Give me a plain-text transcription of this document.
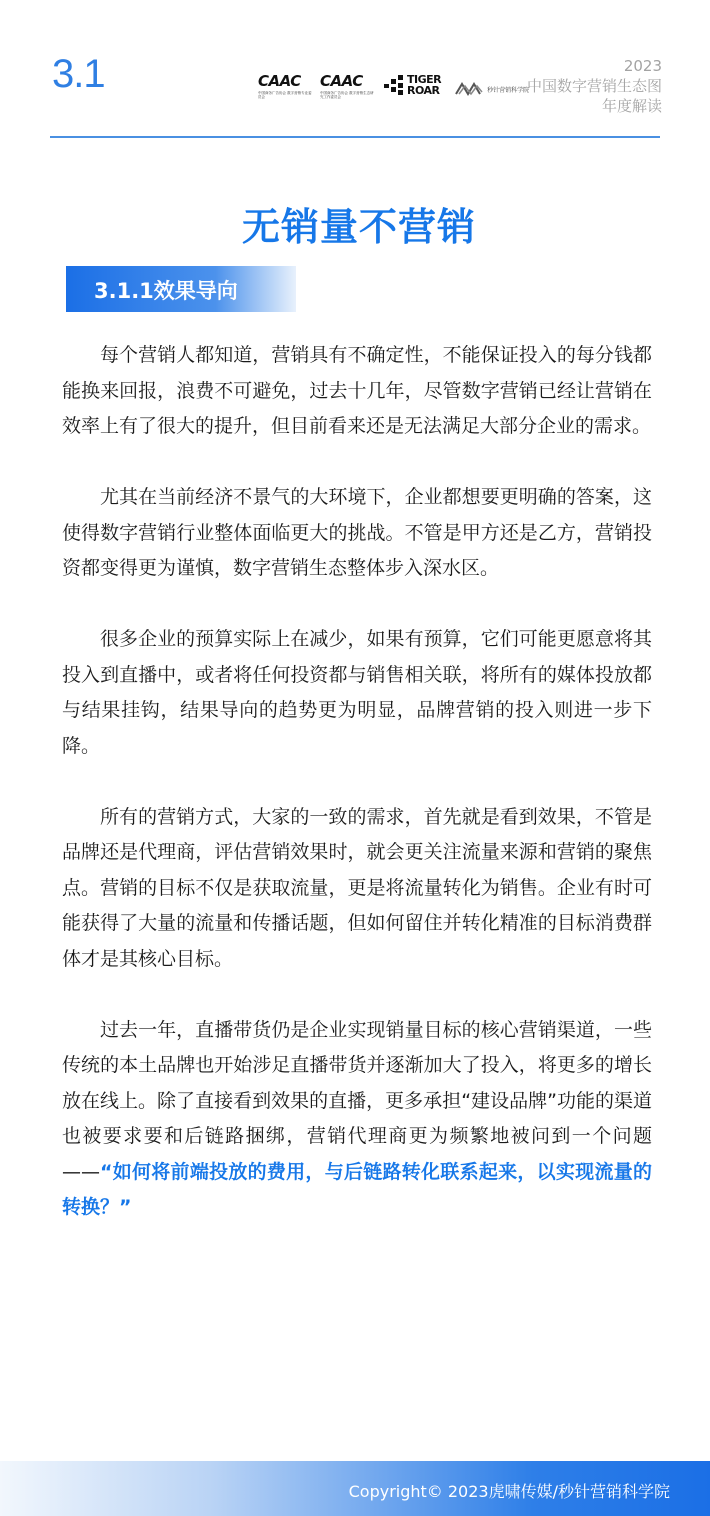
3.1	CAAC
中国商务广告协会 数字营销专业委员会
CAAC
中国商务广告协会 数字营销生态研究工作委员会
TIGER
ROAR	秒针营销科学院
2023
中国数字营销生态图
年度解读
无销量不营销
3.1.1效果导向

每个营销人都知道，营销具有不确定性，不能保证投入的每分钱都能换来回报，浪费不可避免，过去十几年，尽管数字营销已经让营销在效率上有了很大的提升，但目前看来还是无法满足大部分企业的需求。

尤其在当前经济不景气的大环境下，企业都想要更明确的答案，这使得数字营销行业整体面临更大的挑战。不管是甲方还是乙方，营销投资都变得更为谨慎，数字营销生态整体步入深水区。

很多企业的预算实际上在减少，如果有预算，它们可能更愿意将其投入到直播中，或者将任何投资都与销售相关联，将所有的媒体投放都与结果挂钩，结果导向的趋势更为明显，品牌营销的投入则进一步下降。

所有的营销方式，大家的一致的需求，首先就是看到效果，不管是品牌还是代理商，评估营销效果时，就会更关注流量来源和营销的聚焦点。营销的目标不仅是获取流量，更是将流量转化为销售。企业有时可能获得了大量的流量和传播话题，但如何留住并转化精准的目标消费群体才是其核心目标。

过去一年，直播带货仍是企业实现销量目标的核心营销渠道，一些传统的本土品牌也开始涉足直播带货并逐渐加大了投入，将更多的增长放在线上。除了直接看到效果的直播，更多承担“建设品牌”功能的渠道也被要求要和后链路捆绑，营销代理商更为频繁地被问到一个问题——“如何将前端投放的费用，与后链路转化联系起来，以实现流量的转换？”

Copyright© 2023虎啸传媒/秒针营销科学院
